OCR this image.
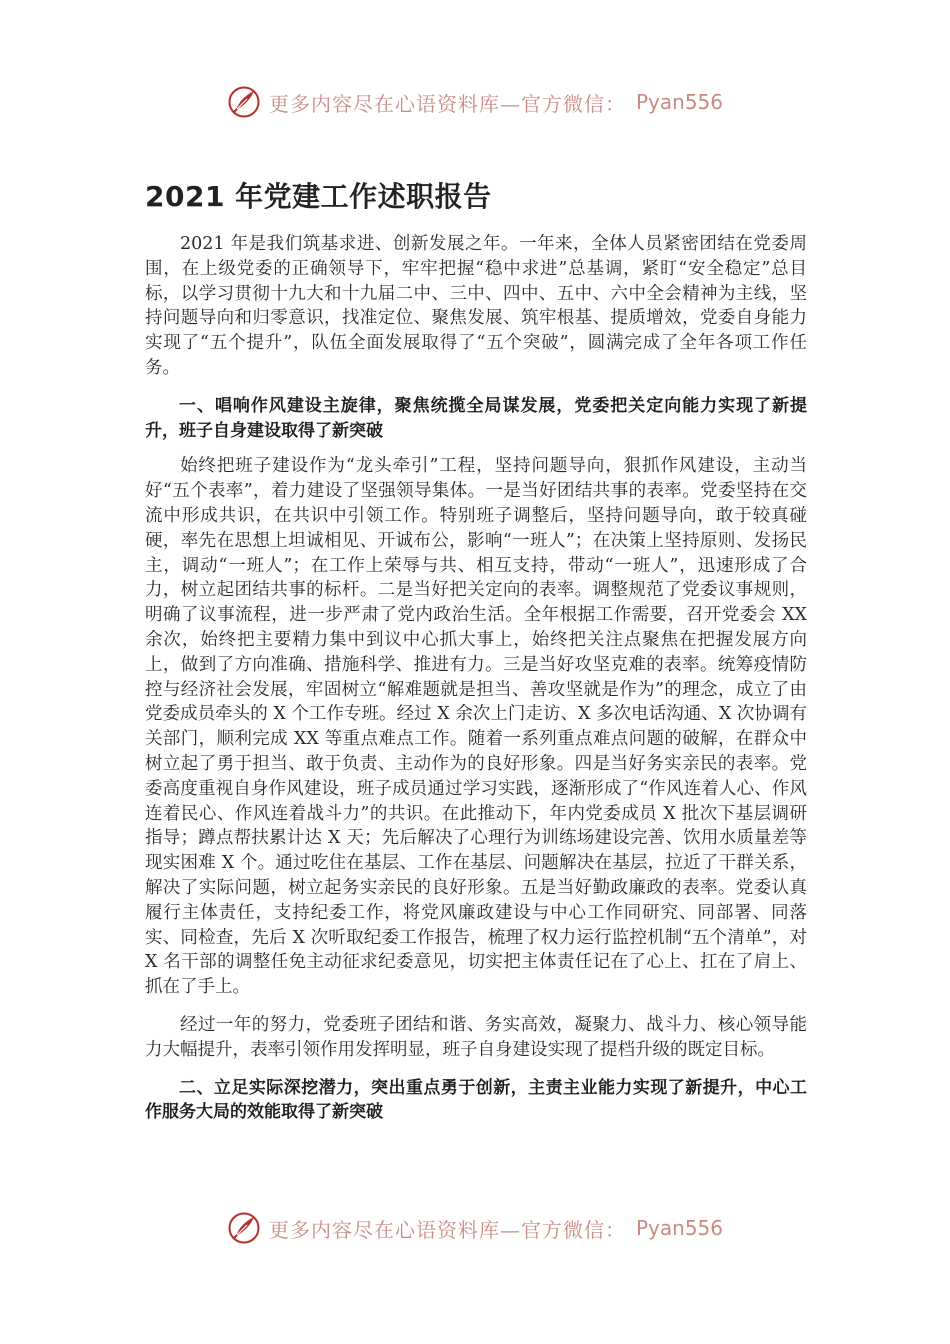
更多内容尽在心语资料库—官方微信： Pyan556
2021 年党建工作述职报告

2021 年是我们筑基求进、创新发展之年。一年来，全体人员紧密团结在党委周围，在上级党委的正确领导下，牢牢把握“稳中求进”总基调，紧盯“安全稳定”总目标，以学习贯彻十九大和十九届二中、三中、四中、五中、六中全会精神为主线，坚持问题导向和归零意识，找准定位、聚焦发展、筑牢根基、提质增效，党委自身能力实现了“五个提升”，队伍全面发展取得了“五个突破”，圆满完成了全年各项工作任务。

一、唱响作风建设主旋律，聚焦统揽全局谋发展，党委把关定向能力实现了新提升，班子自身建设取得了新突破

始终把班子建设作为“龙头牵引”工程，坚持问题导向，狠抓作风建设，主动当好“五个表率”，着力建设了坚强领导集体。一是当好团结共事的表率。党委坚持在交流中形成共识，在共识中引领工作。特别班子调整后，坚持问题导向，敢于较真碰硬，率先在思想上坦诚相见、开诚布公，影响“一班人”；在决策上坚持原则、发扬民主，调动“一班人”；在工作上荣辱与共、相互支持，带动“一班人”，迅速形成了合力，树立起团结共事的标杆。二是当好把关定向的表率。调整规范了党委议事规则，明确了议事流程，进一步严肃了党内政治生活。全年根据工作需要，召开党委会 XX 余次，始终把主要精力集中到议中心抓大事上，始终把关注点聚焦在把握发展方向上，做到了方向准确、措施科学、推进有力。三是当好攻坚克难的表率。统筹疫情防控与经济社会发展，牢固树立“解难题就是担当、善攻坚就是作为”的理念，成立了由党委成员牵头的 X 个工作专班。经过 X 余次上门走访、X 多次电话沟通、X 次协调有关部门，顺利完成 XX 等重点难点工作。随着一系列重点难点问题的破解，在群众中树立起了勇于担当、敢于负责、主动作为的良好形象。四是当好务实亲民的表率。党委高度重视自身作风建设，班子成员通过学习实践，逐渐形成了“作风连着人心、作风连着民心、作风连着战斗力”的共识。在此推动下，年内党委成员 X 批次下基层调研指导；蹲点帮扶累计达 X 天；先后解决了心理行为训练场建设完善、饮用水质量差等现实困难 X 个。通过吃住在基层、工作在基层、问题解决在基层，拉近了干群关系，解决了实际问题，树立起务实亲民的良好形象。五是当好勤政廉政的表率。党委认真履行主体责任，支持纪委工作，将党风廉政建设与中心工作同研究、同部署、同落实、同检查，先后 X 次听取纪委工作报告，梳理了权力运行监控机制“五个清单”，对 X 名干部的调整任免主动征求纪委意见，切实把主体责任记在了心上、扛在了肩上、抓在了手上。

经过一年的努力，党委班子团结和谐、务实高效，凝聚力、战斗力、核心领导能力大幅提升，表率引领作用发挥明显，班子自身建设实现了提档升级的既定目标。

二、立足实际深挖潜力，突出重点勇于创新，主责主业能力实现了新提升，中心工作服务大局的效能取得了新突破

更多内容尽在心语资料库—官方微信： Pyan556
